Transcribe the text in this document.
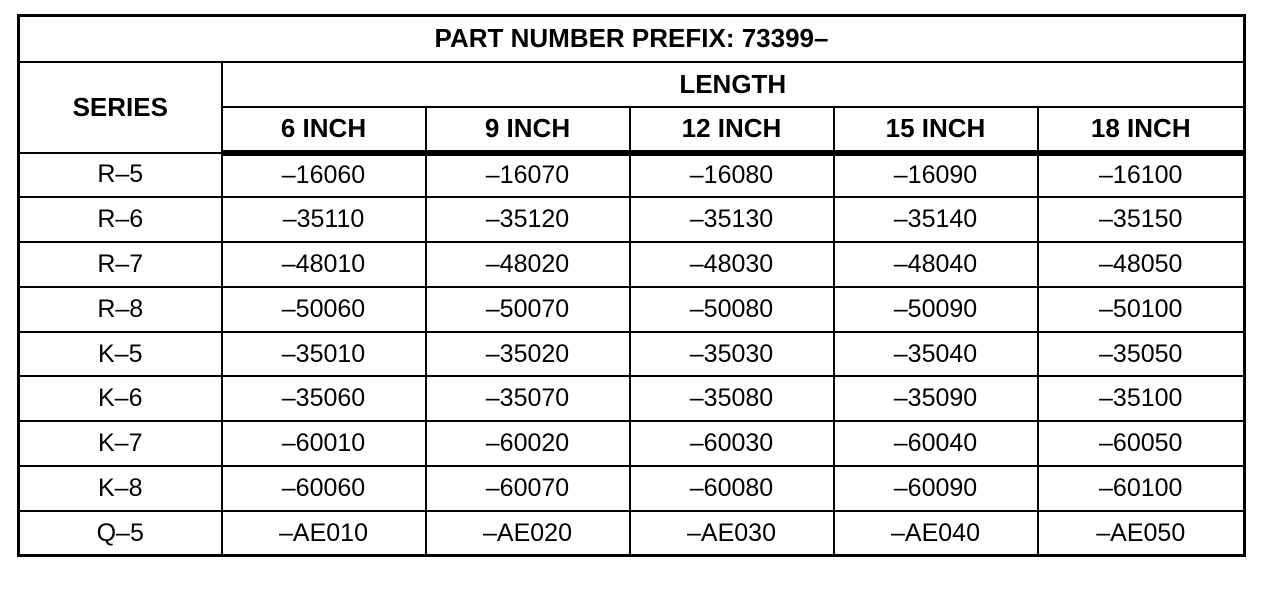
PART NUMBER PREFIX: 73399–					
SERIES	LENGTH				
	6 INCH	9 INCH	12 INCH	15 INCH	18 INCH
R–5	–16060	–16070	–16080	–16090	–16100
R–6	–35110	–35120	–35130	–35140	–35150
R–7	–48010	–48020	–48030	–48040	–48050
R–8	–50060	–50070	–50080	–50090	–50100
K–5	–35010	–35020	–35030	–35040	–35050
K–6	–35060	–35070	–35080	–35090	–35100
K–7	–60010	–60020	–60030	–60040	–60050
K–8	–60060	–60070	–60080	–60090	–60100
Q–5	–AE010	–AE020	–AE030	–AE040	–AE050
